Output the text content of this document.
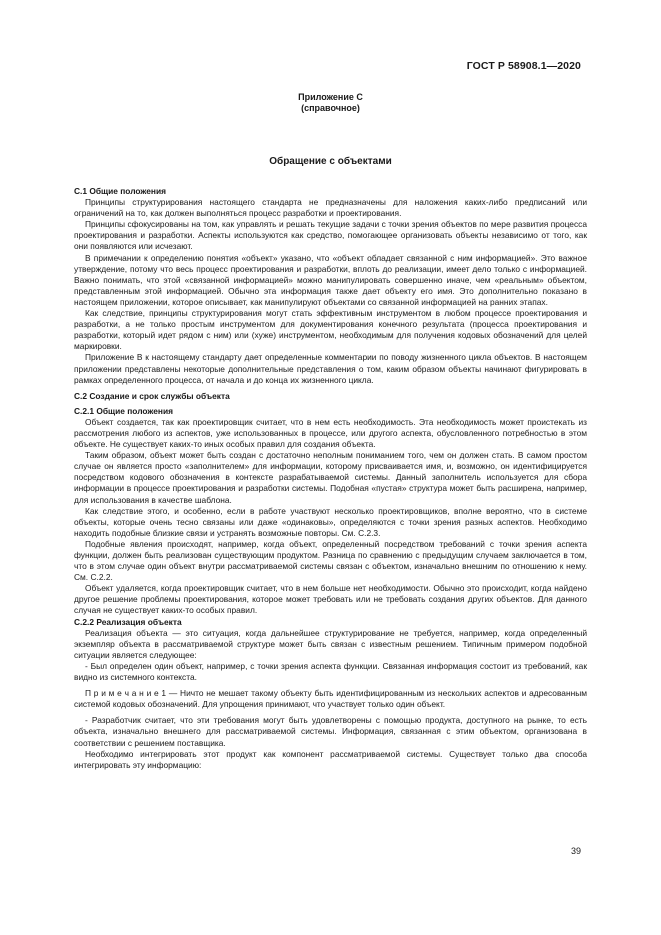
ГОСТ Р 58908.1—2020
Приложение С
(справочное)
Обращение с объектами
С.1 Общие положения

Принципы структурирования настоящего стандарта не предназначены для наложения каких-либо предписаний или ограничений на то, как должен выполняться процесс разработки и проектирования.

Принципы сфокусированы на том, как управлять и решать текущие задачи с точки зрения объектов по мере развития процесса проектирования и разработки. Аспекты используются как средство, помогающее организовать объекты независимо от того, как они появляются или исчезают.

В примечании к определению понятия «объект» указано, что «объект обладает связанной с ним информацией». Это важное утверждение, потому что весь процесс проектирования и разработки, вплоть до реализации, имеет дело только с информацией. Важно понимать, что этой «связанной информацией» можно манипулировать совершенно иначе, чем «реальным» объектом, представленным этой информацией. Обычно эта информация также дает объекту его имя. Это дополнительно показано в настоящем приложении, которое описывает, как манипулируют объектами со связанной информацией на ранних этапах.

Как следствие, принципы структурирования могут стать эффективным инструментом в любом процессе проектирования и разработки, а не только простым инструментом для документирования конечного результата (процесса проектирования и разработки, который идет рядом с ним) или (хуже) инструментом, необходимым для получения кодовых обозначений для целей маркировки.

Приложение В к настоящему стандарту дает определенные комментарии по поводу жизненного цикла объектов. В настоящем приложении представлены некоторые дополнительные представления о том, каким образом объекты начинают фигурировать в рамках определенного процесса, от начала и до конца их жизненного цикла.

С.2 Создание и срок службы объекта
С.2.1 Общие положения

Объект создается, так как проектировщик считает, что в нем есть необходимость. Эта необходимость может проистекать из рассмотрения любого из аспектов, уже использованных в процессе, или другого аспекта, обусловленного потребностью в этом объекте. Не существует каких-то иных особых правил для создания объекта.

Таким образом, объект может быть создан с достаточно неполным пониманием того, чем он должен стать. В самом простом случае он является просто «заполнителем» для информации, которому присваивается имя, и, возможно, он идентифицируется посредством кодового обозначения в контексте разрабатываемой системы. Данный заполнитель используется для сбора информации в процессе проектирования и разработки системы. Подобная «пустая» структура может быть расширена, например, для использования в качестве шаблона.

Как следствие этого, и особенно, если в работе участвуют несколько проектировщиков, вполне вероятно, что в системе объекты, которые очень тесно связаны или даже «одинаковы», определяются с точки зрения разных аспектов. Необходимо находить подобные близкие связи и устранять возможные повторы. См. С.2.3.

Подобные явления происходят, например, когда объект, определенный посредством требований с точки зрения аспекта функции, должен быть реализован существующим продуктом. Разница по сравнению с предыдущим случаем заключается в том, что в этом случае один объект внутри рассматриваемой системы связан с объектом, изначально внешним по отношению к нему. См. С.2.2.

Объект удаляется, когда проектировщик считает, что в нем больше нет необходимости. Обычно это происходит, когда найдено другое решение проблемы проектирования, которое может требовать или не требовать создания других объектов. Для данного случая не существует каких-то особых правил.

С.2.2 Реализация объекта

Реализация объекта — это ситуация, когда дальнейшее структурирование не требуется, например, когда определенный экземпляр объекта в рассматриваемой структуре может быть связан с известным решением. Типичным примером подобной ситуации является следующее:

- Был определен один объект, например, с точки зрения аспекта функции. Связанная информация состоит из требований, как видно из системного контекста.

П р и м е ч а н и е 1 — Ничто не мешает такому объекту быть идентифицированным из нескольких аспектов и адресованным системой кодовых обозначений. Для упрощения принимают, что участвует только один объект.

- Разработчик считает, что эти требования могут быть удовлетворены с помощью продукта, доступного на рынке, то есть объекта, изначально внешнего для рассматриваемой системы. Информация, связанная с этим объектом, организована в соответствии с решением поставщика.

Необходимо интегрировать этот продукт как компонент рассматриваемой системы. Существует только два способа интегрировать эту информацию:

39
